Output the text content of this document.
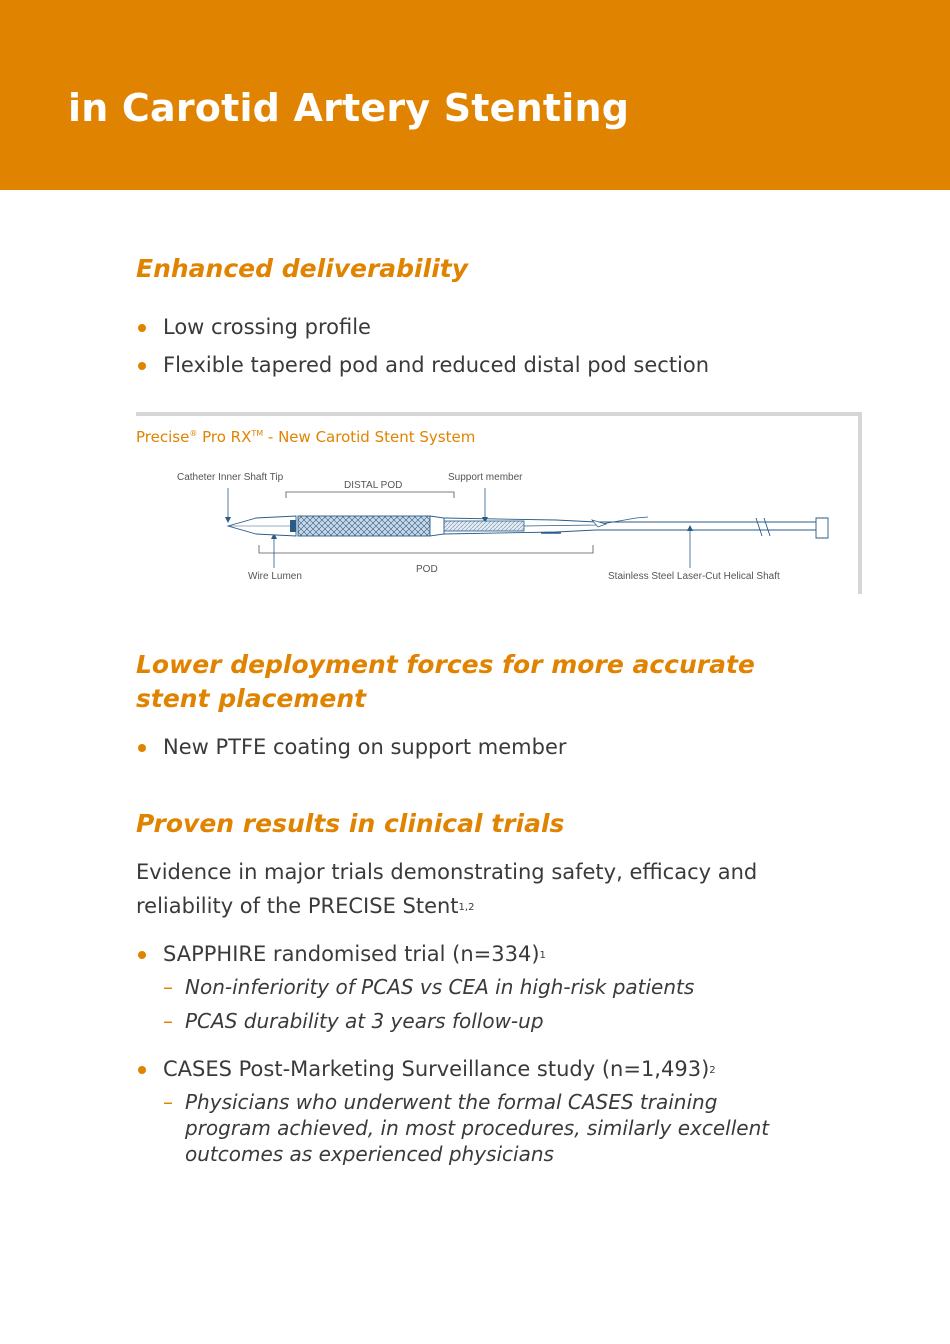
in Carotid Artery Stenting
Enhanced deliverability
Low crossing profile
Flexible tapered pod and reduced distal pod section

Precise® Pro RX™ - New Carotid Stent System

Catheter Inner Shaft Tip
DISTAL POD
Support member
Wire Lumen
POD
Stainless Steel Laser-Cut Helical Shaft
Lower deployment forces for more accurate stent placement
New PTFE coating on support member
Proven results in clinical trials

Evidence in major trials demonstrating safety, efficacy and reliability of the PRECISE Stent$^{1,2}$

SAPPHIRE randomised trial (n=334)$^1$
– Non-inferiority of PCAS vs CEA in high-risk patients
– PCAS durability at 3 years follow-up
CASES Post-Marketing Surveillance study (n=1,493)$^2$
– Physicians who underwent the formal CASES training program achieved, in most procedures, similarly excellent outcomes as experienced physicians
